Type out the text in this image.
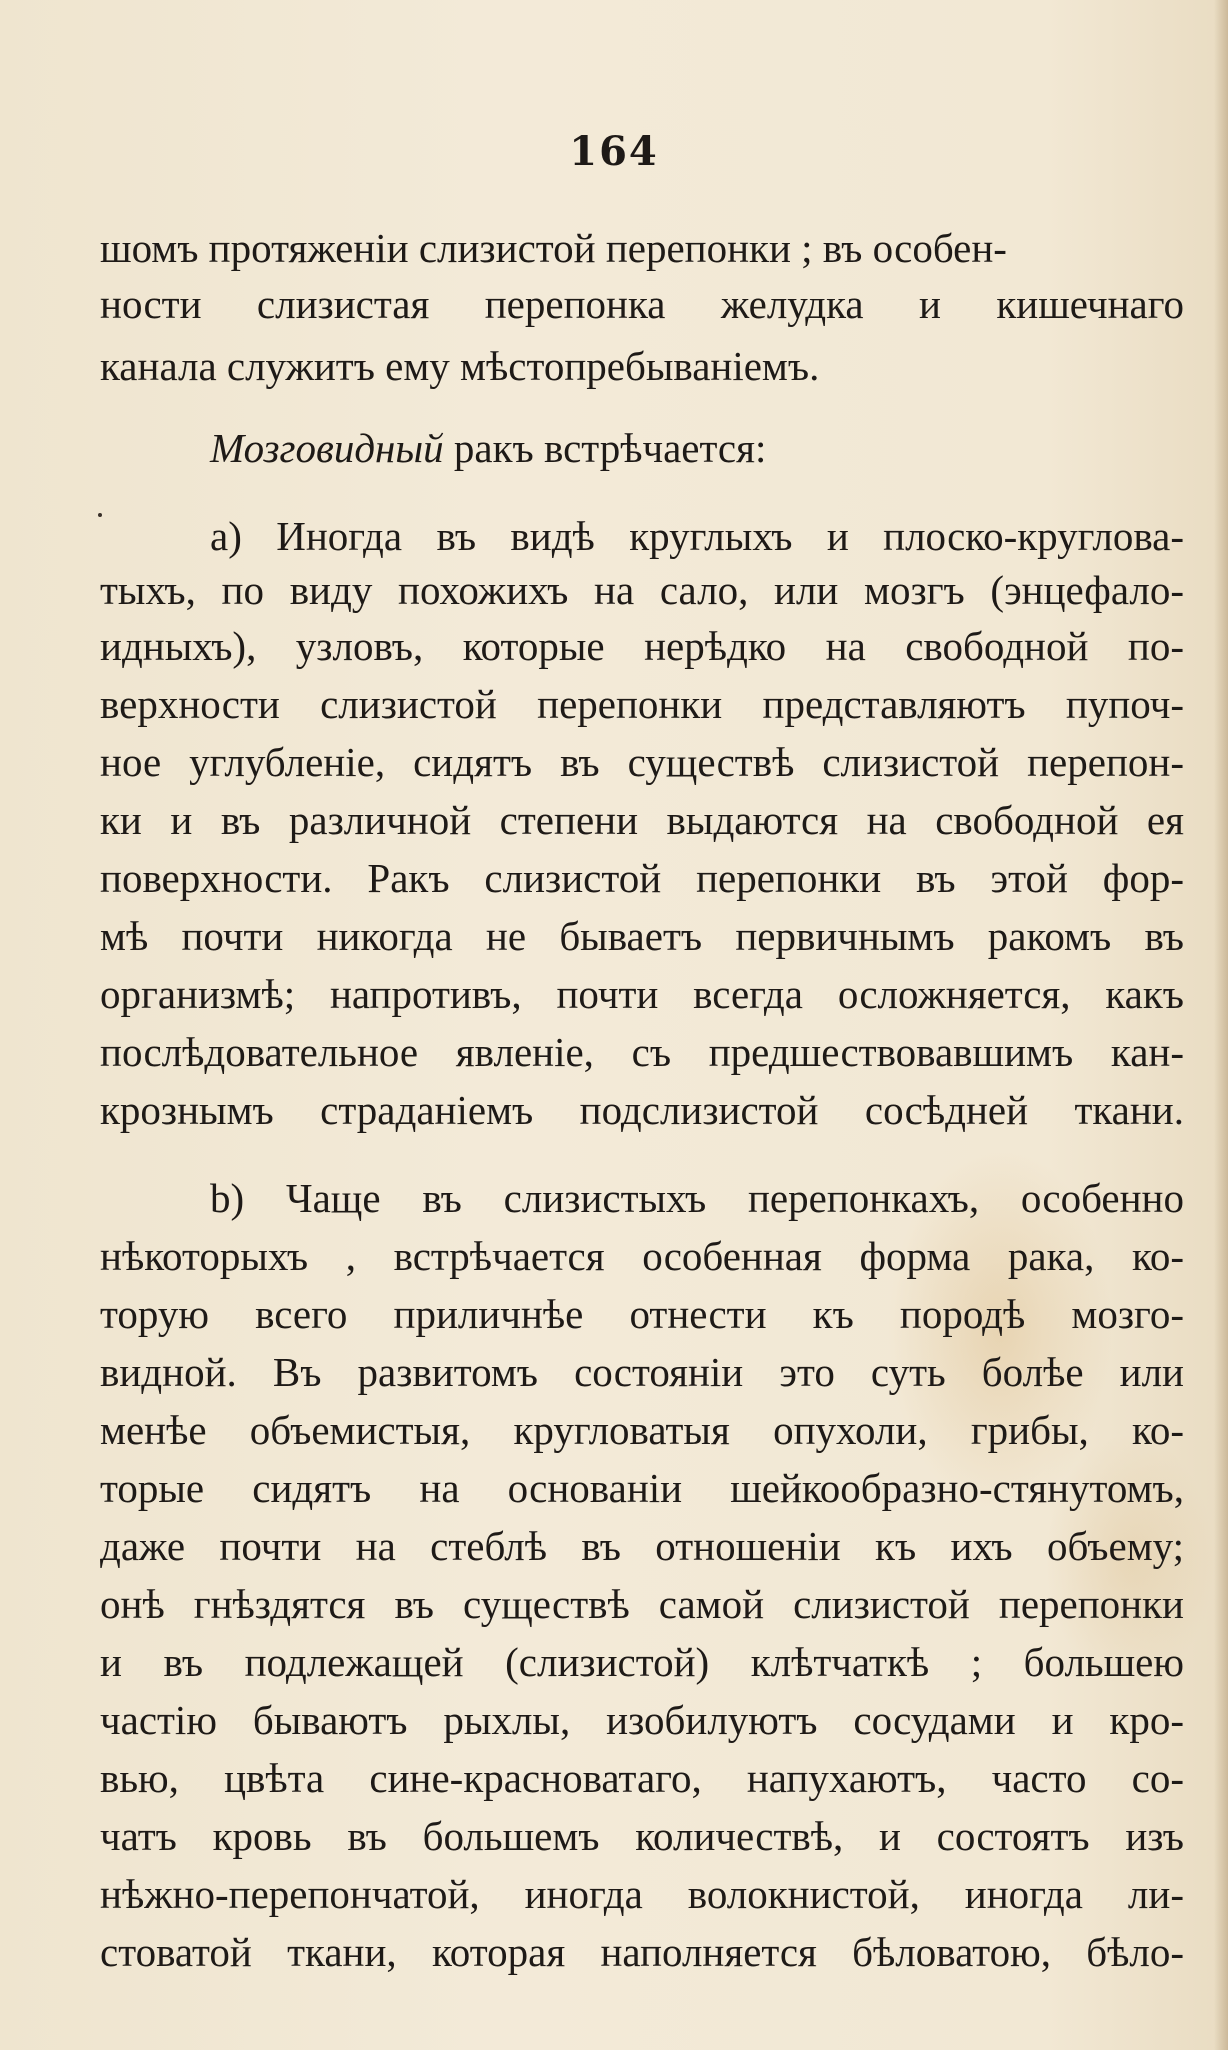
164
шомъ протяженіи слизистой перепонки ; въ особен-
ности слизистая перепонка желудка и кишечнаго
канала служитъ ему мѣстопребываніемъ.
Мозговидный ракъ встрѣчается:
a) Иногда въ видѣ круглыхъ и плоско-круглова-
тыхъ, по виду похожихъ на сало, или мозгъ (энцефало-
идныхъ), узловъ, которые нерѣдко на свободной по-
верхности слизистой перепонки представляютъ пупоч-
ное углубленіе, сидятъ въ существѣ слизистой перепон-
ки и въ различной степени выдаются на свободной ея
поверхности. Ракъ слизистой перепонки въ этой фор-
мѣ почти никогда не бываетъ первичнымъ ракомъ въ
организмѣ; напротивъ, почти всегда осложняется, какъ
послѣдовательное явленіе, съ предшествовавшимъ кан-
крознымъ страданіемъ подслизистой сосѣдней ткани.
b) Чаще въ слизистыхъ перепонкахъ, особенно
нѣкоторыхъ , встрѣчается особенная форма рака, ко-
торую всего приличнѣе отнести къ породѣ мозго-
видной. Въ развитомъ состояніи это суть болѣе или
менѣе объемистыя, кругловатыя опухоли, грибы, ко-
торые сидятъ на основаніи шейкообразно-стянутомъ,
даже почти на стеблѣ въ отношеніи къ ихъ объему;
онѣ гнѣздятся въ существѣ самой слизистой перепонки
и въ подлежащей (слизистой) клѣтчаткѣ ; большею
частію бываютъ рыхлы, изобилуютъ сосудами и кро-
вью, цвѣта сине-красноватаго, напухаютъ, часто со-
чатъ кровь въ большемъ количествѣ, и состоятъ изъ
нѣжно-перепончатой, иногда волокнистой, иногда ли-
стоватой ткани, которая наполняется бѣловатою, бѣло-
